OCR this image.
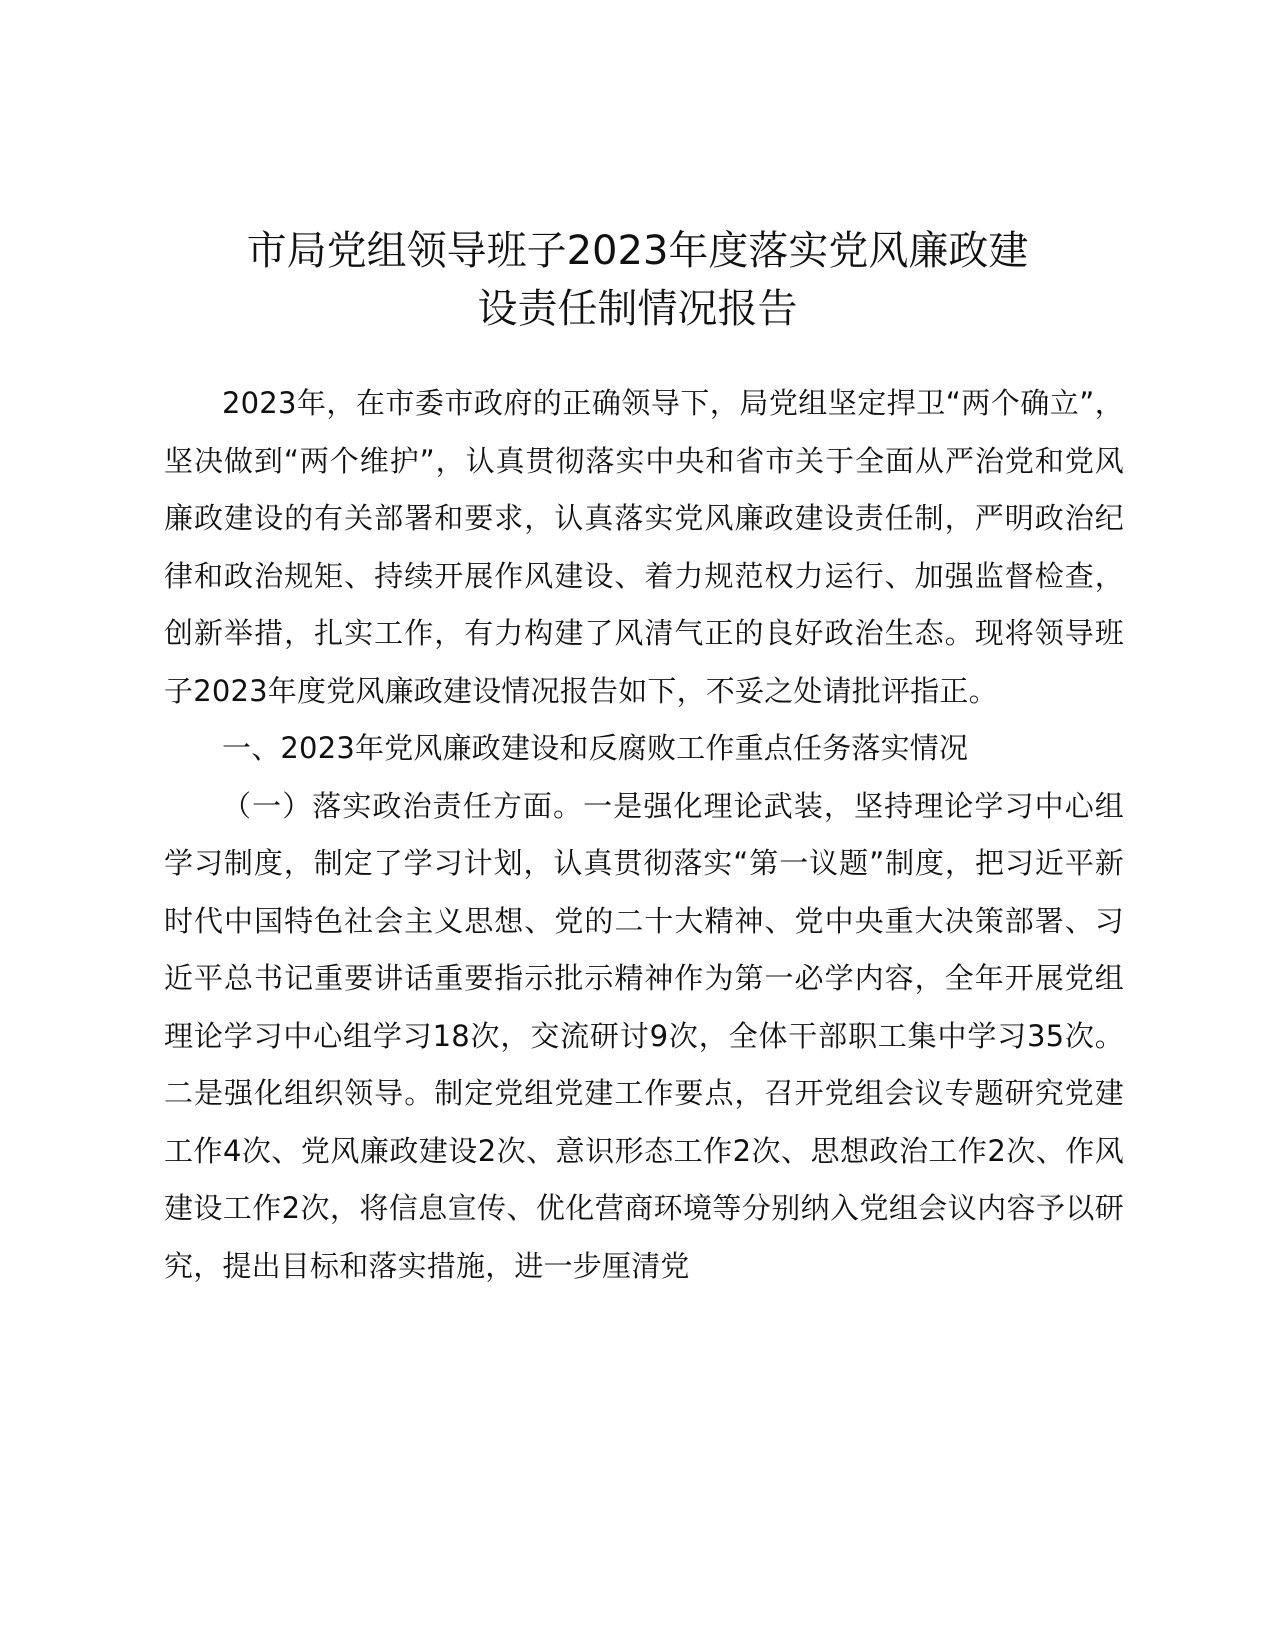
市局党组领导班子2023年度落实党风廉政建
设责任制情况报告

2023年，在市委市政府的正确领导下，局党组坚定捍卫“两个确立”，坚决做到“两个维护”，认真贯彻落实中央和省市关于全面从严治党和党风廉政建设的有关部署和要求，认真落实党风廉政建设责任制，严明政治纪律和政治规矩、持续开展作风建设、着力规范权力运行、加强监督检查，创新举措，扎实工作，有力构建了风清气正的良好政治生态。现将领导班子2023年度党风廉政建设情况报告如下，不妥之处请批评指正。

一、2023年党风廉政建设和反腐败工作重点任务落实情况

（一）落实政治责任方面。一是强化理论武装，坚持理论学习中心组学习制度，制定了学习计划，认真贯彻落实“第一议题”制度，把习近平新时代中国特色社会主义思想、党的二十大精神、党中央重大决策部署、习近平总书记重要讲话重要指示批示精神作为第一必学内容，全年开展党组理论学习中心组学习18次，交流研讨9次，全体干部职工集中学习35次。二是强化组织领导。制定党组党建工作要点，召开党组会议专题研究党建工作4次、党风廉政建设2次、意识形态工作2次、思想政治工作2次、作风建设工作2次，将信息宣传、优化营商环境等分别纳入党组会议内容予以研究，提出目标和落实措施，进一步厘清党
